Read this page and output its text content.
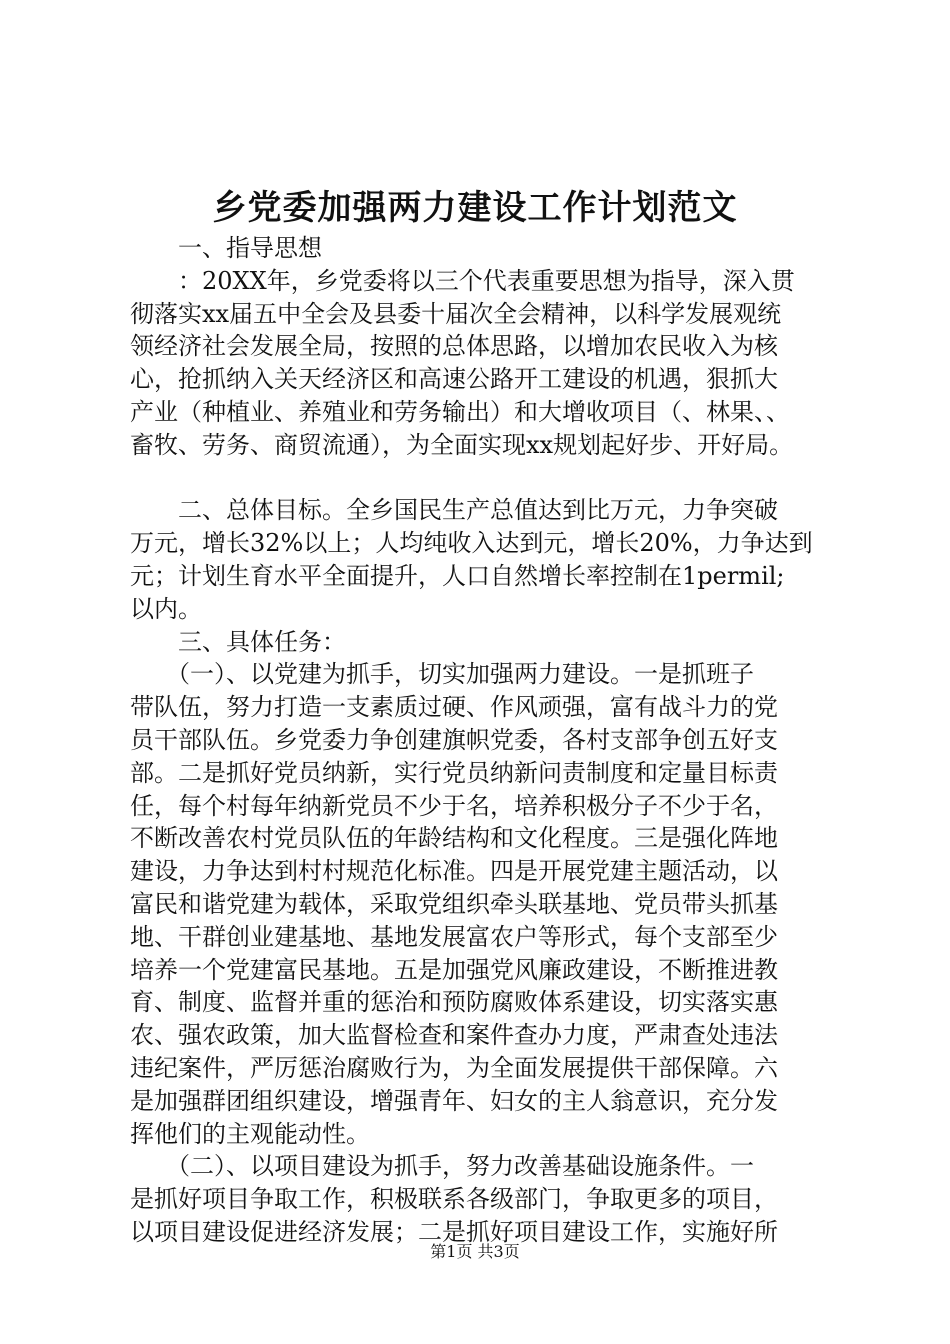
乡党委加强两力建设工作计划范文
　　一、指导思想
　　：20XX年，乡党委将以三个代表重要思想为指导，深入贯
彻落实xx届五中全会及县委十届次全会精神，以科学发展观统
领经济社会发展全局，按照的总体思路，以增加农民收入为核
心，抢抓纳入关天经济区和高速公路开工建设的机遇，狠抓大
产业（种植业、养殖业和劳务输出）和大增收项目（、林果、、
畜牧、劳务、商贸流通），为全面实现xx规划起好步、开好局。
　　二、总体目标。全乡国民生产总值达到比万元，力争突破
万元，增长32%以上；人均纯收入达到元，增长20%，力争达到
元；计划生育水平全面提升，人口自然增长率控制在1permil;
以内。
　　三、具体任务：
　　（一）、以党建为抓手，切实加强两力建设。一是抓班子
带队伍，努力打造一支素质过硬、作风顽强，富有战斗力的党
员干部队伍。乡党委力争创建旗帜党委，各村支部争创五好支
部。二是抓好党员纳新，实行党员纳新问责制度和定量目标责
任，每个村每年纳新党员不少于名，培养积极分子不少于名，
不断改善农村党员队伍的年龄结构和文化程度。三是强化阵地
建设，力争达到村村规范化标准。四是开展党建主题活动，以
富民和谐党建为载体，采取党组织牵头联基地、党员带头抓基
地、干群创业建基地、基地发展富农户等形式，每个支部至少
培养一个党建富民基地。五是加强党风廉政建设，不断推进教
育、制度、监督并重的惩治和预防腐败体系建设，切实落实惠
农、强农政策，加大监督检查和案件查办力度，严肃查处违法
违纪案件，严厉惩治腐败行为，为全面发展提供干部保障。六
是加强群团组织建设，增强青年、妇女的主人翁意识，充分发
挥他们的主观能动性。
　　（二）、以项目建设为抓手，努力改善基础设施条件。一
是抓好项目争取工作，积极联系各级部门，争取更多的项目，
以项目建设促进经济发展；二是抓好项目建设工作，实施好所
第1页 共3页
